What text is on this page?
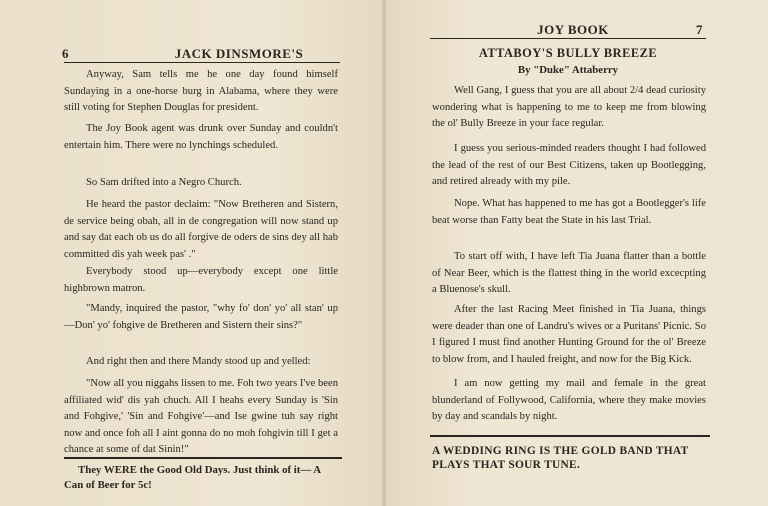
6	JACK DINSMORE'S

Anyway, Sam tells me he one day found himself Sundaying in a one-horse burg in Alabama, where they were still voting for Stephen Douglas for president.

The Joy Book agent was drunk over Sunday and couldn't entertain him. There were no lynchings scheduled.

So Sam drifted into a Negro Church.

He heard the pastor declaim: "Now Bretheren and Sistern, de service being obah, all in de congregation will now stand up and say dat each ob us do all forgive de oders de sins dey all hab committed dis yah week pas' ."

Everybody stood up—everybody except one little highbrown matron.

"Mandy, inquired the pastor, "why fo' don' yo' all stan' up —Don' yo' fohgive de Bretheren and Sistern their sins?"

And right then and there Mandy stood up and yelled:

"Now all you niggahs lissen to me. Foh two years I've been affiliated wid' dis yah chuch. All I heahs every Sunday is 'Sin and Fohgive,' 'Sin and Fohgive'—and Ise gwine tuh say right now and once foh all I aint gonna do no moh fohgivin till I get a chance at some of dat Sinin!"

They WERE the Good Old Days. Just think of it— A Can of Beer for 5c!

JOY BOOK	7
ATTABOY'S BULLY BREEZE
By "Duke" Attaberry

Well Gang, I guess that you are all about 2/4 dead curiosity wondering what is happening to me to keep me from blowing the ol' Bully Breeze in your face regular.

I guess you serious-minded readers thought I had followed the lead of the rest of our Best Citizens, taken up Bootlegging, and retired already with my pile.

Nope. What has happened to me has got a Bootlegger's life beat worse than Fatty beat the State in his last Trial.

To start off with, I have left Tia Juana flatter than a bottle of Near Beer, which is the flattest thing in the world excecpting a Bluenose's skull.

After the last Racing Meet finished in Tia Juana, things were deader than one of Landru's wives or a Puritans' Picnic. So I figured I must find another Hunting Ground for the ol' Breeze to blow from, and I hauled freight, and now for the Big Kick.

I am now getting my mail and female in the great blunderland of Follywood, California, where they make movies by day and scandals by night.

A WEDDING RING IS THE GOLD BAND THAT PLAYS THAT SOUR TUNE.
